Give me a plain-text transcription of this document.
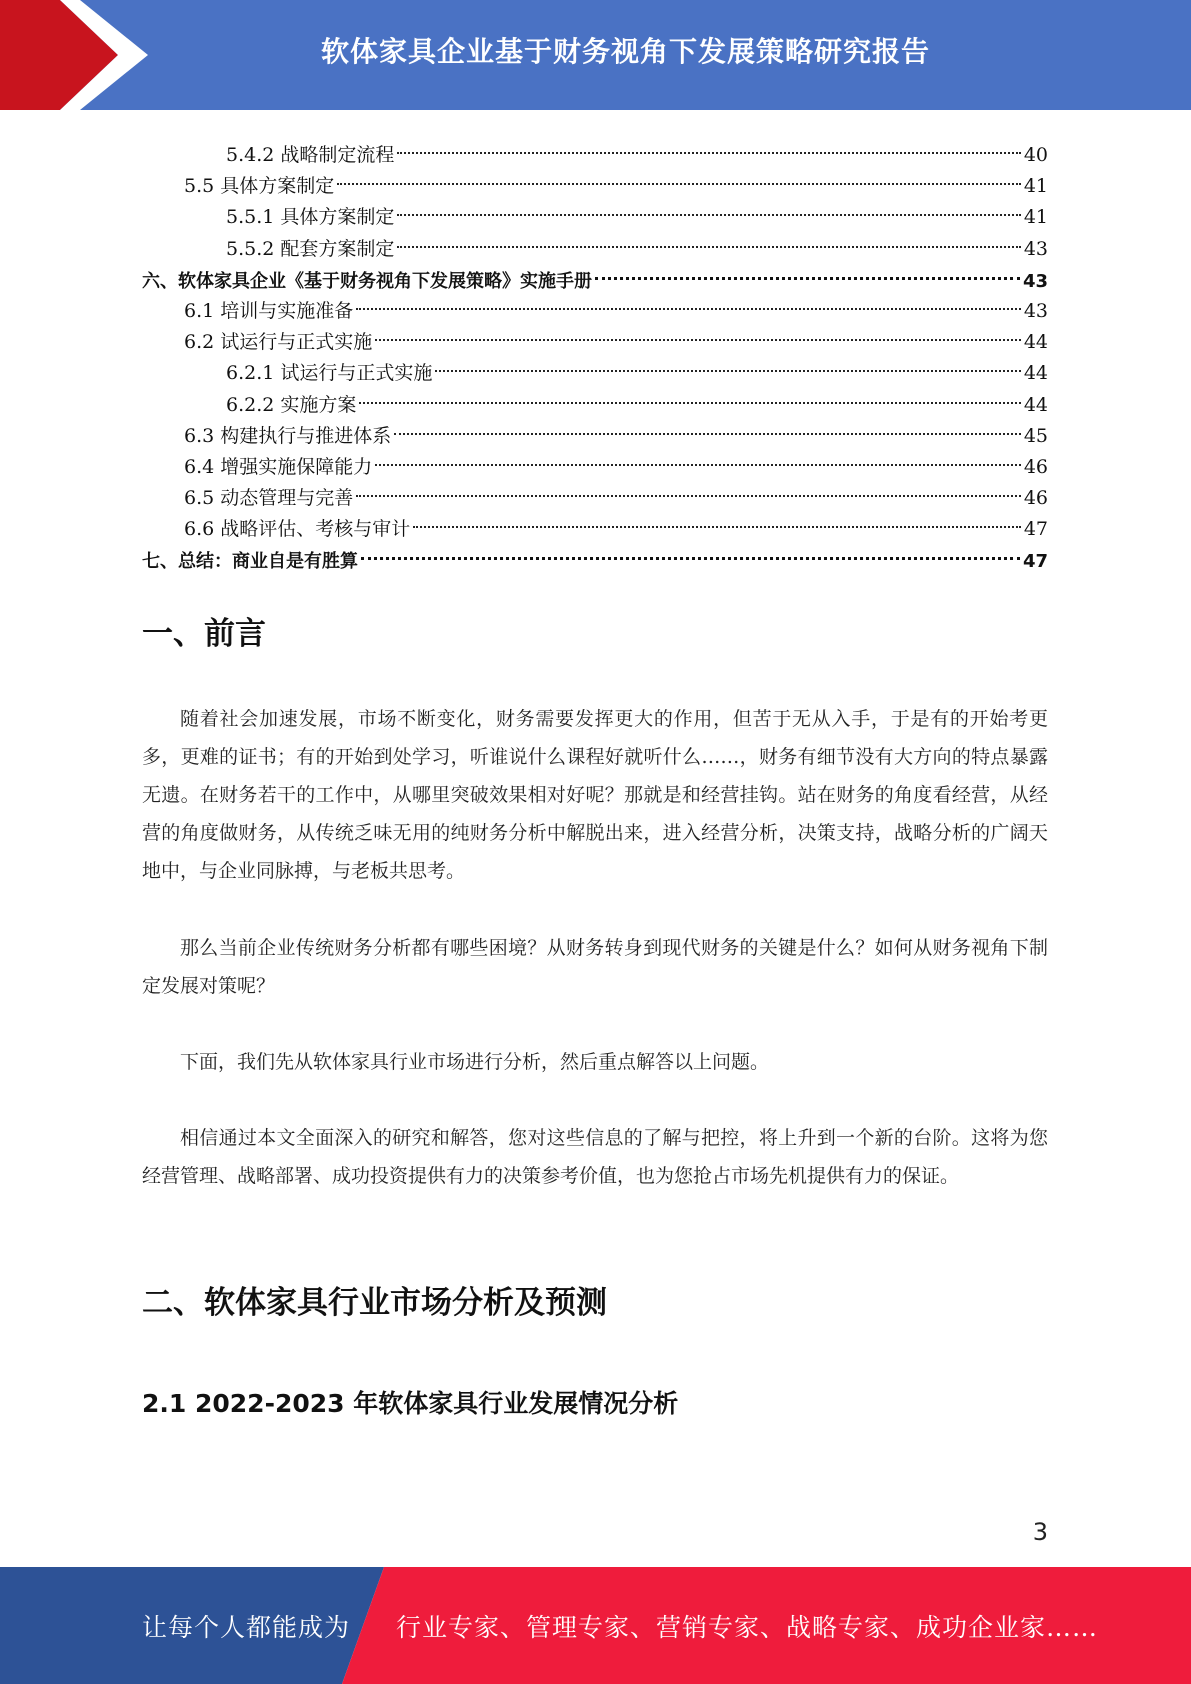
软体家具企业基于财务视角下发展策略研究报告
5.4.2 战略制定流程	40
5.5 具体方案制定	41
5.5.1 具体方案制定	41
5.5.2 配套方案制定	43
六、软体家具企业《基于财务视角下发展策略》实施手册	43
6.1 培训与实施准备	43
6.2 试运行与正式实施	44
6.2.1 试运行与正式实施	44
6.2.2 实施方案	44
6.3 构建执行与推进体系	45
6.4 增强实施保障能力	46
6.5 动态管理与完善	46
6.6 战略评估、考核与审计	47
七、总结：商业自是有胜算	47
一、前言
随着社会加速发展，市场不断变化，财务需要发挥更大的作用，但苦于无从入手，于是有的开始考更多，更难的证书；有的开始到处学习，听谁说什么课程好就听什么……，财务有细节没有大方向的特点暴露无遗。在财务若干的工作中，从哪里突破效果相对好呢？那就是和经营挂钩。站在财务的角度看经营，从经营的角度做财务，从传统乏味无用的纯财务分析中解脱出来，进入经营分析，决策支持，战略分析的广阔天地中，与企业同脉搏，与老板共思考。
那么当前企业传统财务分析都有哪些困境？从财务转身到现代财务的关键是什么？如何从财务视角下制定发展对策呢？
下面，我们先从软体家具行业市场进行分析，然后重点解答以上问题。
相信通过本文全面深入的研究和解答，您对这些信息的了解与把控，将上升到一个新的台阶。这将为您经营管理、战略部署、成功投资提供有力的决策参考价值，也为您抢占市场先机提供有力的保证。
二、软体家具行业市场分析及预测
2.1 2022-2023 年软体家具行业发展情况分析
3
让每个人都能成为 行业专家、管理专家、营销专家、战略专家、成功企业家……
